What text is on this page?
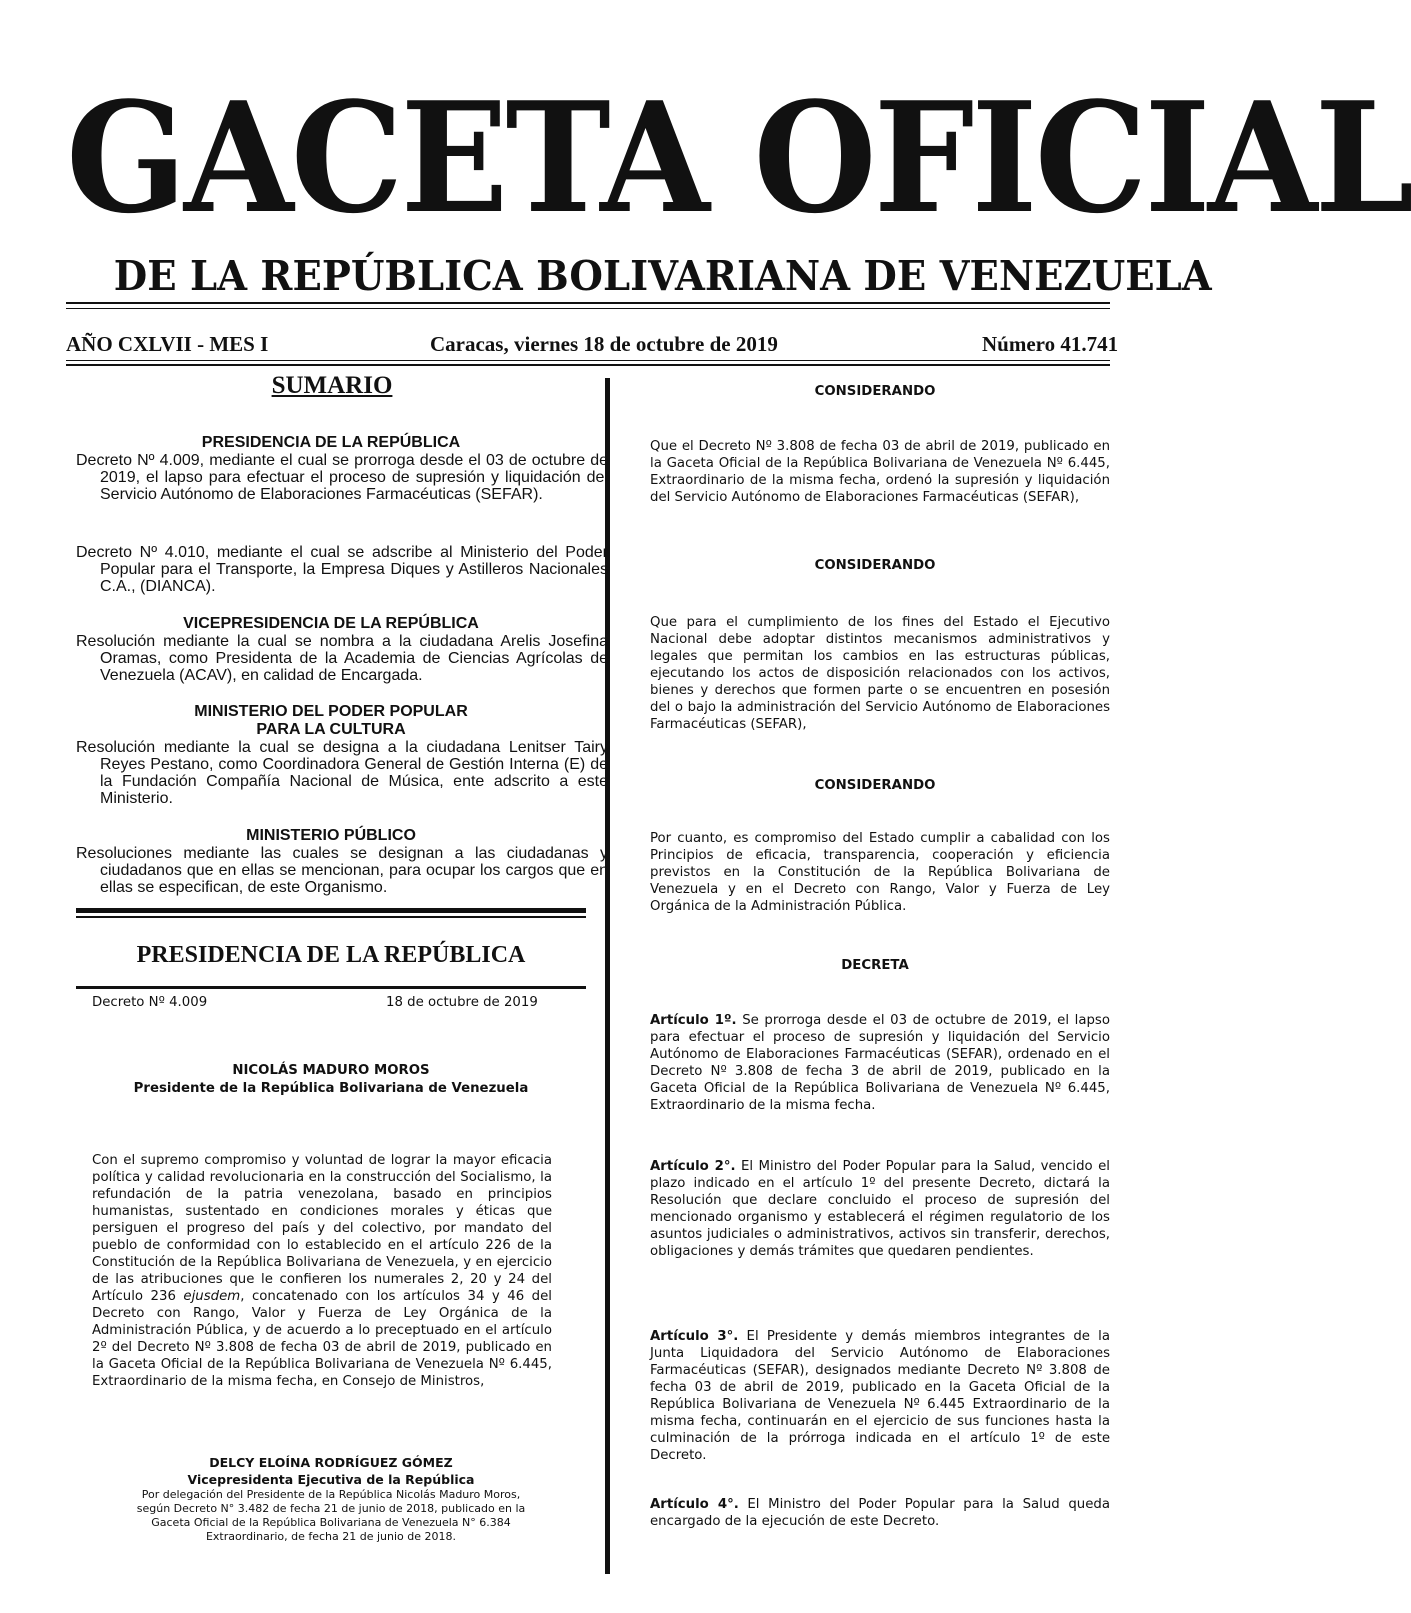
GACETA OFICIAL
DE LA REPÚBLICA BOLIVARIANA DE VENEZUELA
AÑO CXLVII - MES I	Caracas, viernes 18 de octubre de 2019	Número 41.741
SUMARIO
PRESIDENCIA DE LA REPÚBLICA
Decreto Nº 4.009, mediante el cual se prorroga desde el 03 de octubre de 2019, el lapso para efectuar el proceso de supresión y liquidación del Servicio Autónomo de Elaboraciones Farmacéuticas (SEFAR).
Decreto Nº 4.010, mediante el cual se adscribe al Ministerio del Poder Popular para el Transporte, la Empresa Diques y Astilleros Nacionales C.A., (DIANCA).
VICEPRESIDENCIA DE LA REPÚBLICA
Resolución mediante la cual se nombra a la ciudadana Arelis Josefina Oramas, como Presidenta de la Academia de Ciencias Agrícolas de Venezuela (ACAV), en calidad de Encargada.
MINISTERIO DEL PODER POPULAR
PARA LA CULTURA
Resolución mediante la cual se designa a la ciudadana Lenitser Tairy Reyes Pestano, como Coordinadora General de Gestión Interna (E) de la Fundación Compañía Nacional de Música, ente adscrito a este Ministerio.
MINISTERIO PÚBLICO
Resoluciones mediante las cuales se designan a las ciudadanas y ciudadanos que en ellas se mencionan, para ocupar los cargos que en ellas se especifican, de este Organismo.
PRESIDENCIA DE LA REPÚBLICA
Decreto Nº 4.009	18 de octubre de 2019
NICOLÁS MADURO MOROS
Presidente de la República Bolivariana de Venezuela
Con el supremo compromiso y voluntad de lograr la mayor eficacia política y calidad revolucionaria en la construcción del Socialismo, la refundación de la patria venezolana, basado en principios humanistas, sustentado en condiciones morales y éticas que persiguen el progreso del país y del colectivo, por mandato del pueblo de conformidad con lo establecido en el artículo 226 de la Constitución de la República Bolivariana de Venezuela, y en ejercicio de las atribuciones que le confieren los numerales 2, 20 y 24 del Artículo 236 ejusdem, concatenado con los artículos 34 y 46 del Decreto con Rango, Valor y Fuerza de Ley Orgánica de la Administración Pública, y de acuerdo a lo preceptuado en el artículo 2º del Decreto Nº 3.808 de fecha 03 de abril de 2019, publicado en la Gaceta Oficial de la República Bolivariana de Venezuela Nº 6.445, Extraordinario de la misma fecha, en Consejo de Ministros,
DELCY ELOÍNA RODRÍGUEZ GÓMEZ
Vicepresidenta Ejecutiva de la República
Por delegación del Presidente de la República Nicolás Maduro Moros,
según Decreto N° 3.482 de fecha 21 de junio de 2018, publicado en la
Gaceta Oficial de la República Bolivariana de Venezuela N° 6.384
Extraordinario, de fecha 21 de junio de 2018.
CONSIDERANDO
Que el Decreto Nº 3.808 de fecha 03 de abril de 2019, publicado en la Gaceta Oficial de la República Bolivariana de Venezuela Nº 6.445, Extraordinario de la misma fecha, ordenó la supresión y liquidación del Servicio Autónomo de Elaboraciones Farmacéuticas (SEFAR),
CONSIDERANDO
Que para el cumplimiento de los fines del Estado el Ejecutivo Nacional debe adoptar distintos mecanismos administrativos y legales que permitan los cambios en las estructuras públicas, ejecutando los actos de disposición relacionados con los activos, bienes y derechos que formen parte o se encuentren en posesión del o bajo la administración del Servicio Autónomo de Elaboraciones Farmacéuticas (SEFAR),
CONSIDERANDO
Por cuanto, es compromiso del Estado cumplir a cabalidad con los Principios de eficacia, transparencia, cooperación y eficiencia previstos en la Constitución de la República Bolivariana de Venezuela y en el Decreto con Rango, Valor y Fuerza de Ley Orgánica de la Administración Pública.
DECRETA
Artículo 1º. Se prorroga desde el 03 de octubre de 2019, el lapso para efectuar el proceso de supresión y liquidación del Servicio Autónomo de Elaboraciones Farmacéuticas (SEFAR), ordenado en el Decreto Nº 3.808 de fecha 3 de abril de 2019, publicado en la Gaceta Oficial de la República Bolivariana de Venezuela Nº 6.445, Extraordinario de la misma fecha.
Artículo 2°. El Ministro del Poder Popular para la Salud, vencido el plazo indicado en el artículo 1º del presente Decreto, dictará la Resolución que declare concluido el proceso de supresión del mencionado organismo y establecerá el régimen regulatorio de los asuntos judiciales o administrativos, activos sin transferir, derechos, obligaciones y demás trámites que quedaren pendientes.
Artículo 3°. El Presidente y demás miembros integrantes de la Junta Liquidadora del Servicio Autónomo de Elaboraciones Farmacéuticas (SEFAR), designados mediante Decreto Nº 3.808 de fecha 03 de abril de 2019, publicado en la Gaceta Oficial de la República Bolivariana de Venezuela Nº 6.445 Extraordinario de la misma fecha, continuarán en el ejercicio de sus funciones hasta la culminación de la prórroga indicada en el artículo 1º de este Decreto.
Artículo 4°. El Ministro del Poder Popular para la Salud queda encargado de la ejecución de este Decreto.
